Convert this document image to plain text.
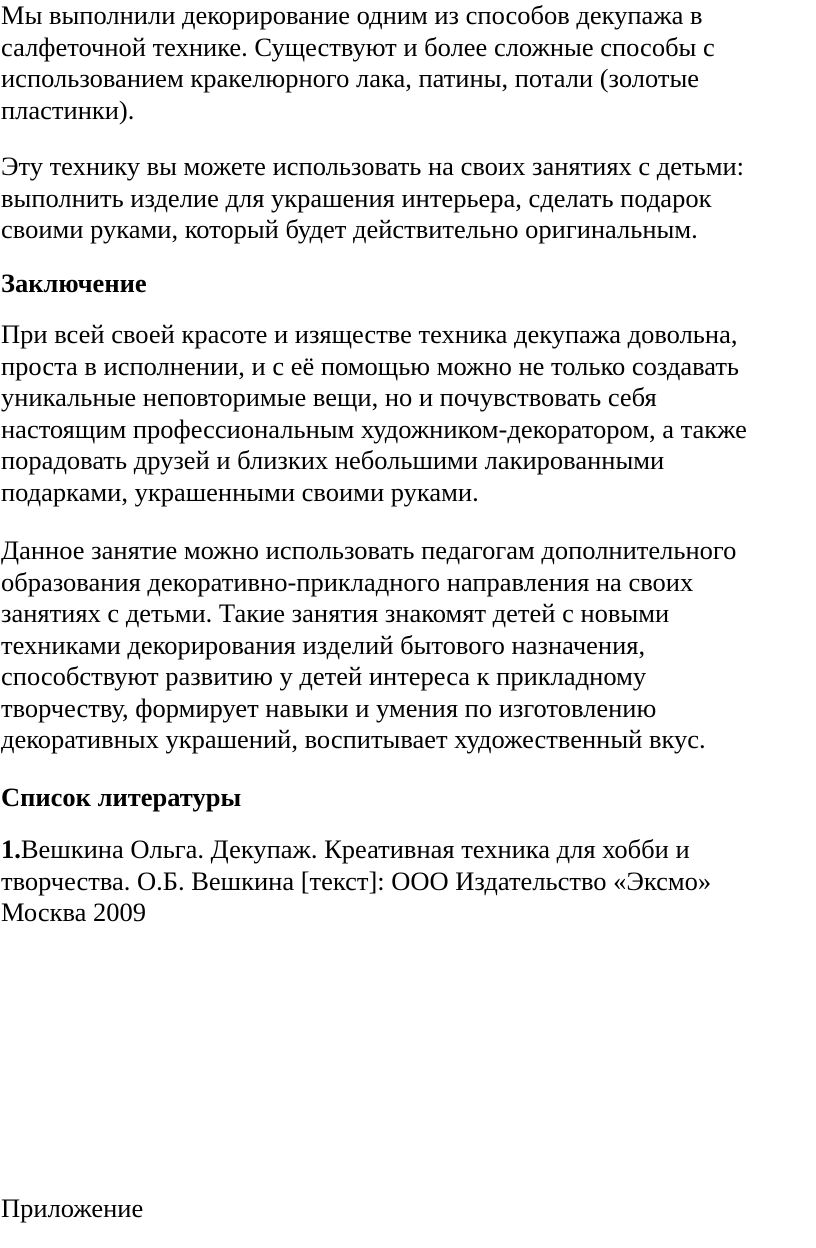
Мы выполнили декорирование одним из способов декупажа в
салфеточной технике. Существуют и более сложные способы с
использованием кракелюрного лака, патины, потали (золотые
пластинки).

Эту технику вы можете использовать на своих занятиях с детьми:
выполнить изделие для украшения интерьера, сделать подарок
своими руками, который будет действительно оригинальным.

Заключение

При всей своей красоте и изяществе техника декупажа довольна,
проста в исполнении, и с её помощью можно не только создавать
уникальные неповторимые вещи, но и почувствовать себя
настоящим профессиональным художником-декоратором, а также
порадовать друзей и близких небольшими лакированными
подарками, украшенными своими руками.

Данное занятие можно использовать педагогам дополнительного
образования декоративно-прикладного направления на своих
занятиях с детьми. Такие занятия знакомят детей с новыми
техниками декорирования изделий бытового назначения,
способствуют развитию у детей интереса к прикладному
творчеству, формирует навыки и умения по изготовлению
декоративных украшений, воспитывает художественный вкус.

Список литературы

1.Вешкина Ольга. Декупаж. Креативная техника для хобби и
творчества. О.Б. Вешкина [текст]: ООО Издательство «Эксмо»
Москва 2009

Приложение
